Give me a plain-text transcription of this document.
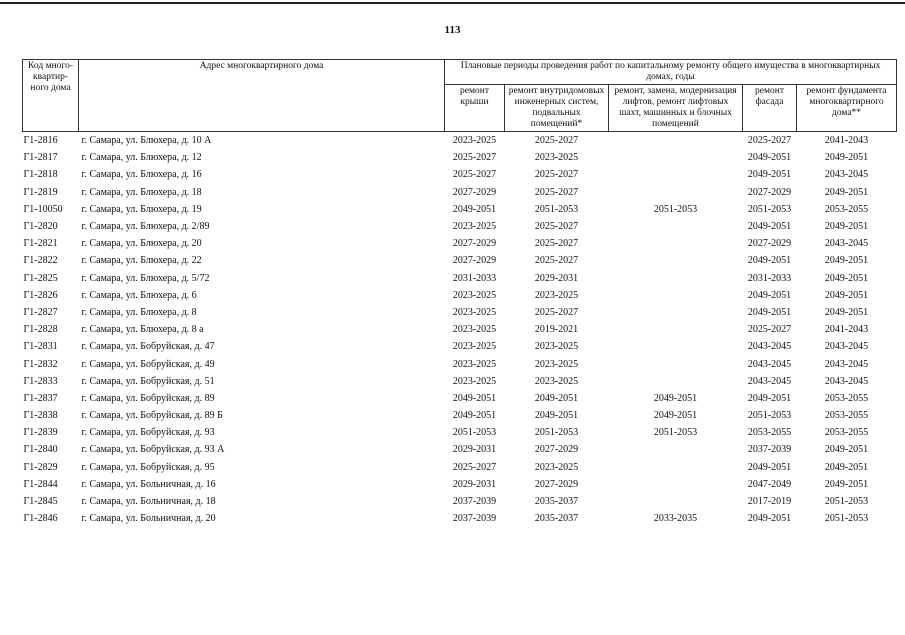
113
Код много-квартир-ного дома	Адрес многоквартирного дома	Плановые периоды проведения работ по капитальному ремонту общего имущества в многоквартирных домах, годы				
		ремонт крыши	ремонт внутридомовых инженерных систем, подвальных помещений*	ремонт, замена, модернизация лифтов, ремонт лифтовых шахт, машинных и блочных помещений	ремонт фасада	ремонт фундамента многоквартирного дома**
Г1-2816	г. Самара, ул. Блюхера, д. 10 А	2023-2025	2025-2027		2025-2027	2041-2043
Г1-2817	г. Самара, ул. Блюхера, д. 12	2025-2027	2023-2025		2049-2051	2049-2051
Г1-2818	г. Самара, ул. Блюхера, д. 16	2025-2027	2025-2027		2049-2051	2043-2045
Г1-2819	г. Самара, ул. Блюхера, д. 18	2027-2029	2025-2027		2027-2029	2049-2051
Г1-10050	г. Самара, ул. Блюхера, д. 19	2049-2051	2051-2053	2051-2053	2051-2053	2053-2055
Г1-2820	г. Самара, ул. Блюхера, д. 2/89	2023-2025	2025-2027		2049-2051	2049-2051
Г1-2821	г. Самара, ул. Блюхера, д. 20	2027-2029	2025-2027		2027-2029	2043-2045
Г1-2822	г. Самара, ул. Блюхера, д. 22	2027-2029	2025-2027		2049-2051	2049-2051
Г1-2825	г. Самара, ул. Блюхера, д. 5/72	2031-2033	2029-2031		2031-2033	2049-2051
Г1-2826	г. Самара, ул. Блюхера, д. 6	2023-2025	2023-2025		2049-2051	2049-2051
Г1-2827	г. Самара, ул. Блюхера, д. 8	2023-2025	2025-2027		2049-2051	2049-2051
Г1-2828	г. Самара, ул. Блюхера, д. 8 а	2023-2025	2019-2021		2025-2027	2041-2043
Г1-2831	г. Самара, ул. Бобруйская, д. 47	2023-2025	2023-2025		2043-2045	2043-2045
Г1-2832	г. Самара, ул. Бобруйская, д. 49	2023-2025	2023-2025		2043-2045	2043-2045
Г1-2833	г. Самара, ул. Бобруйская, д. 51	2023-2025	2023-2025		2043-2045	2043-2045
Г1-2837	г. Самара, ул. Бобруйская, д. 89	2049-2051	2049-2051	2049-2051	2049-2051	2053-2055
Г1-2838	г. Самара, ул. Бобруйская, д. 89 Б	2049-2051	2049-2051	2049-2051	2051-2053	2053-2055
Г1-2839	г. Самара, ул. Бобруйская, д. 93	2051-2053	2051-2053	2051-2053	2053-2055	2053-2055
Г1-2840	г. Самара, ул. Бобруйская, д. 93 А	2029-2031	2027-2029		2037-2039	2049-2051
Г1-2829	г. Самара, ул. Бобруйская, д. 95	2025-2027	2023-2025		2049-2051	2049-2051
Г1-2844	г. Самара, ул. Больничная, д. 16	2029-2031	2027-2029		2047-2049	2049-2051
Г1-2845	г. Самара, ул. Больничная, д. 18	2037-2039	2035-2037		2017-2019	2051-2053
Г1-2846	г. Самара, ул. Больничная, д. 20	2037-2039	2035-2037	2033-2035	2049-2051	2051-2053
